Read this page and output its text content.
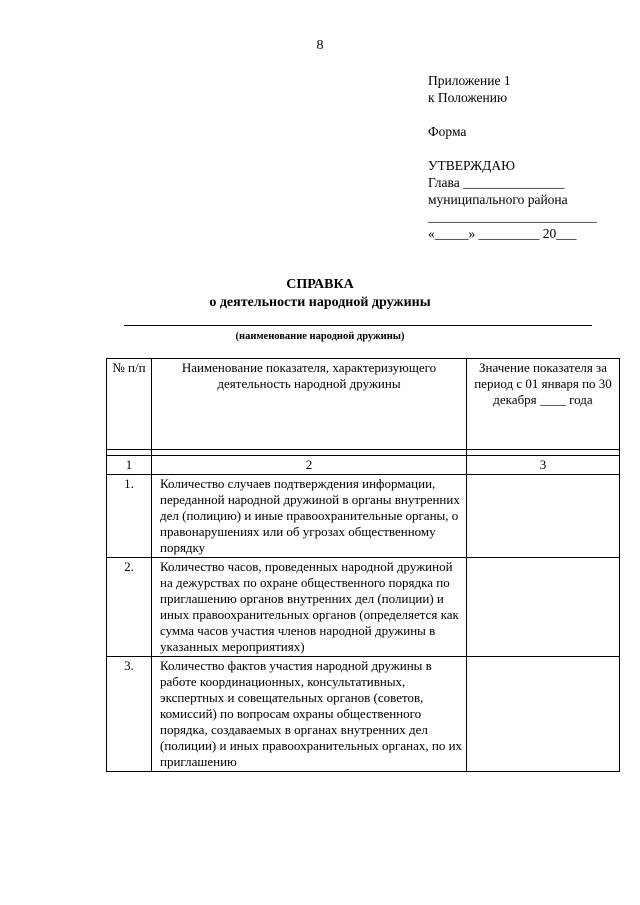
8
Приложение 1
к Положению
Форма
УТВЕРЖДАЮ
Глава _______________
муниципального района
_________________________
«_____» _________ 20___
СПРАВКА
о деятельности народной дружины
(наименование народной дружины)
№ п/п	Наименование показателя, характеризующего деятельность народной дружины	Значение показателя за период с 01 января по 30 декабря ____ года

1	2	3
1.	Количество случаев подтверждения информации, переданной народной дружиной в органы внутренних дел (полицию) и иные правоохранительные органы, о правонарушениях или об угрозах общественному порядку	
2.	Количество часов, проведенных народной дружиной на дежурствах по охране общественного порядка по приглашению органов внутренних дел (полиции) и иных правоохранительных органов (определяется как сумма часов участия членов народной дружины в указанных мероприятиях)	
3.	Количество фактов участия народной дружины в работе координационных, консультативных, экспертных и совещательных органов (советов, комиссий) по вопросам охраны общественного порядка, создаваемых в органах внутренних дел (полиции) и иных правоохранительных органах, по их приглашению	
